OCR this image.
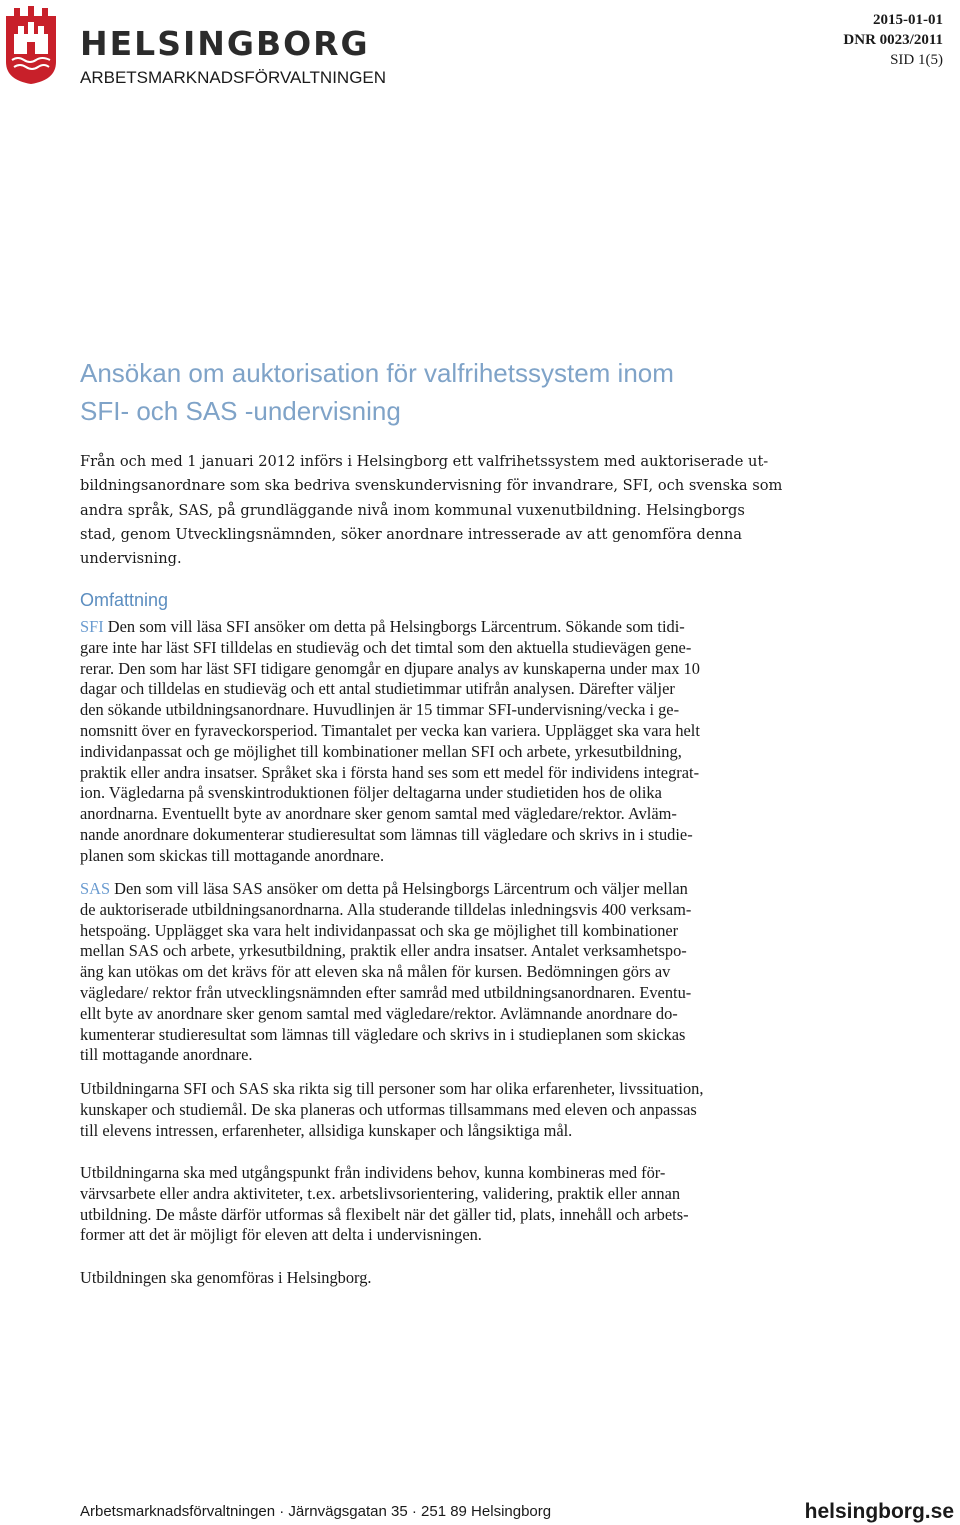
HELSINGBORG
ARBETSMARKNADSFÖRVALTNINGEN
2015-01-01
DNR 0023/2011
SID 1(5)
Ansökan om auktorisation för valfrihetssystem inom
SFI- och SAS -undervisning

Från och med 1 januari 2012 införs i Helsingborg ett valfrihetssystem med auktoriserade ut-
bildningsanordnare som ska bedriva svenskundervisning för invandrare, SFI, och svenska som
andra språk, SAS, på grundläggande nivå inom kommunal vuxenutbildning. Helsingborgs
stad, genom Utvecklingsnämnden, söker anordnare intresserade av att genomföra denna
undervisning.

Omfattning

SFI Den som vill läsa SFI ansöker om detta på Helsingborgs Lärcentrum. Sökande som tidi-
gare inte har läst SFI tilldelas en studieväg och det timtal som den aktuella studievägen gene-
rerar. Den som har läst SFI tidigare genomgår en djupare analys av kunskaperna under max 10
dagar och tilldelas en studieväg och ett antal studietimmar utifrån analysen. Därefter väljer
den sökande utbildningsanordnare. Huvudlinjen är 15 timmar SFI-undervisning/vecka i ge-
nomsnitt över en fyraveckorsperiod. Timantalet per vecka kan variera. Upplägget ska vara helt
individanpassat och ge möjlighet till kombinationer mellan SFI och arbete, yrkesutbildning,
praktik eller andra insatser. Språket ska i första hand ses som ett medel för individens integrat-
ion. Vägledarna på svenskintroduktionen följer deltagarna under studietiden hos de olika
anordnarna. Eventuellt byte av anordnare sker genom samtal med vägledare/rektor. Avläm-
nande anordnare dokumenterar studieresultat som lämnas till vägledare och skrivs in i studie-
planen som skickas till mottagande anordnare.

SAS Den som vill läsa SAS ansöker om detta på Helsingborgs Lärcentrum och väljer mellan
de auktoriserade utbildningsanordnarna. Alla studerande tilldelas inledningsvis 400 verksam-
hetspoäng. Upplägget ska vara helt individanpassat och ska ge möjlighet till kombinationer
mellan SAS och arbete, yrkesutbildning, praktik eller andra insatser. Antalet verksamhetspo-
äng kan utökas om det krävs för att eleven ska nå målen för kursen. Bedömningen görs av
vägledare/ rektor från utvecklingsnämnden efter samråd med utbildningsanordnaren. Eventu-
ellt byte av anordnare sker genom samtal med vägledare/rektor. Avlämnande anordnare do-
kumenterar studieresultat som lämnas till vägledare och skrivs in i studieplanen som skickas
till mottagande anordnare.

Utbildningarna SFI och SAS ska rikta sig till personer som har olika erfarenheter, livssituation,
kunskaper och studiemål. De ska planeras och utformas tillsammans med eleven och anpassas
till elevens intressen, erfarenheter, allsidiga kunskaper och långsiktiga mål.

Utbildningarna ska med utgångspunkt från individens behov, kunna kombineras med för-
värvsarbete eller andra aktiviteter, t.ex. arbetslivsorientering, validering, praktik eller annan
utbildning. De måste därför utformas så flexibelt när det gäller tid, plats, innehåll och arbets-
former att det är möjligt för eleven att delta i undervisningen.

Utbildningen ska genomföras i Helsingborg.

Arbetsmarknadsförvaltningen · Järnvägsgatan 35 · 251 89 Helsingborg	helsingborg.se
